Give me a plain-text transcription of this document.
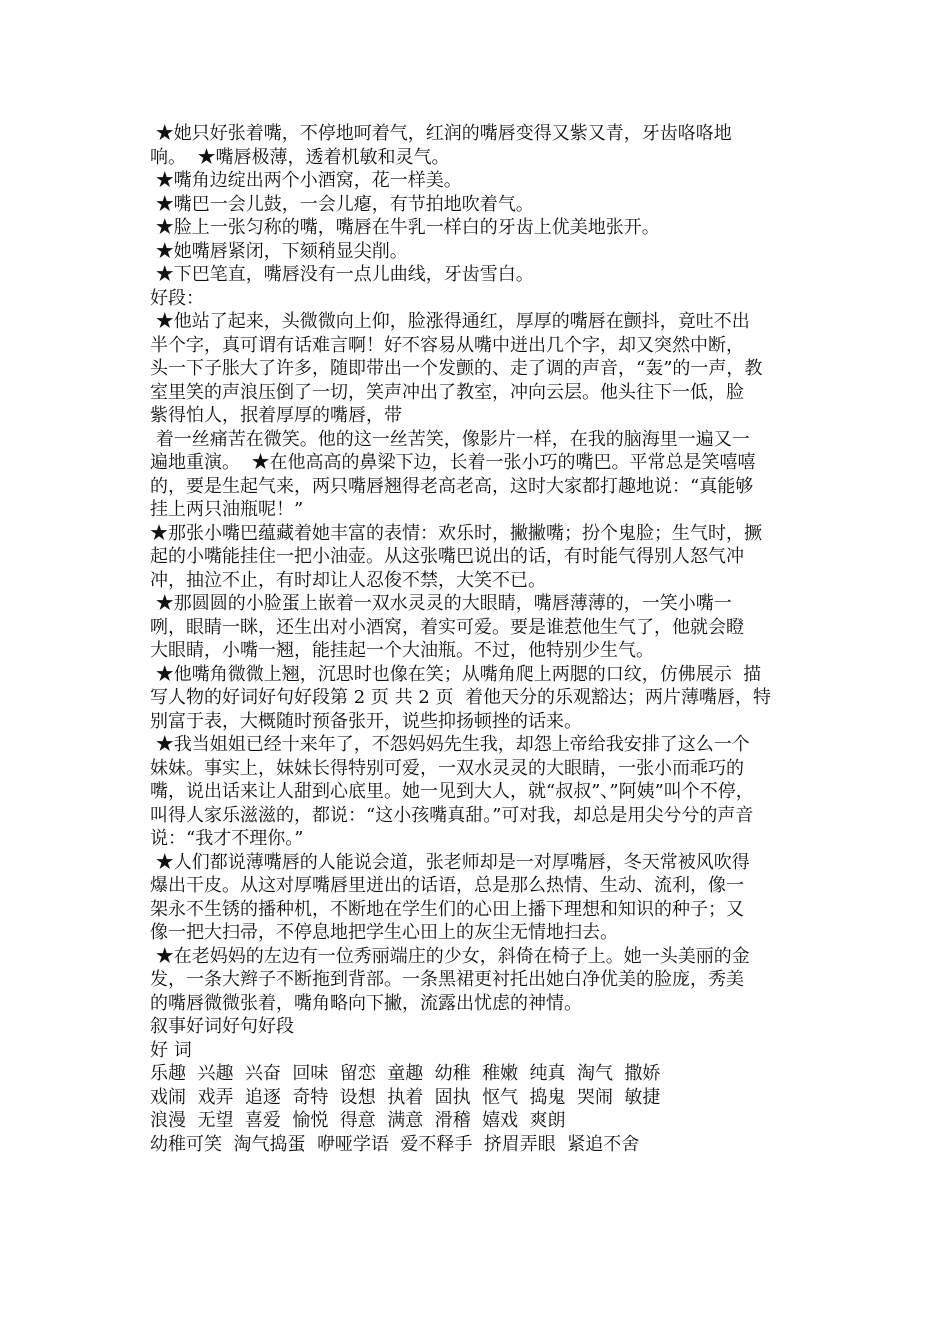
★她只好张着嘴，不停地呵着气，红润的嘴唇变得又紫又青，牙齿咯咯地

响。  ★嘴唇极薄，透着机敏和灵气。

★嘴角边绽出两个小酒窝，花一样美。

★嘴巴一会儿鼓，一会儿瘪，有节拍地吹着气。

★脸上一张匀称的嘴，嘴唇在牛乳一样白的牙齿上优美地张开。

★她嘴唇紧闭，下颏稍显尖削。

★下巴笔直，嘴唇没有一点儿曲线，牙齿雪白。

好段：

★他站了起来，头微微向上仰，脸涨得通红，厚厚的嘴唇在颤抖，竟吐不出

半个字，真可谓有话难言啊！好不容易从嘴中迸出几个字，却又突然中断，

头一下子胀大了许多，随即带出一个发颤的、走了调的声音，“轰”的一声，教

室里笑的声浪压倒了一切，笑声冲出了教室，冲向云层。他头往下一低，脸

紫得怕人，抿着厚厚的嘴唇，带

着一丝痛苦在微笑。他的这一丝苦笑，像影片一样，在我的脑海里一遍又一

遍地重演。  ★在他高高的鼻梁下边，长着一张小巧的嘴巴。平常总是笑嘻嘻

的，要是生起气来，两只嘴唇翘得老高老高，这时大家都打趣地说：“真能够

挂上两只油瓶呢！”

★那张小嘴巴蕴藏着她丰富的表情：欢乐时，撇撇嘴；扮个鬼脸；生气时，撅

起的小嘴能挂住一把小油壶。从这张嘴巴说出的话，有时能气得别人怒气冲

冲，抽泣不止，有时却让人忍俊不禁，大笑不已。

★那圆圆的小脸蛋上嵌着一双水灵灵的大眼睛，嘴唇薄薄的，一笑小嘴一

咧，眼睛一眯，还生出对小酒窝，着实可爱。要是谁惹他生气了，他就会瞪

大眼睛，小嘴一翘，能挂起一个大油瓶。不过，他特别少生气。

★他嘴角微微上翘，沉思时也像在笑；从嘴角爬上两腮的口纹，仿佛展示  描

写人物的好词好句好段第 2 页 共 2 页  着他天分的乐观豁达；两片薄嘴唇，特

别富于表，大概随时预备张开，说些抑扬顿挫的话来。

★我当姐姐已经十来年了，不怨妈妈先生我，却怨上帝给我安排了这么一个

妹妹。事实上，妹妹长得特别可爱，一双水灵灵的大眼睛，一张小而乖巧的

嘴，说出话来让人甜到心底里。她一见到大人，就“叔叔”、”阿姨”叫个不停，

叫得人家乐滋滋的，都说：“这小孩嘴真甜。”可对我，却总是用尖兮兮的声音

说：“我才不理你。”

★人们都说薄嘴唇的人能说会道，张老师却是一对厚嘴唇，冬天常被风吹得

爆出干皮。从这对厚嘴唇里迸出的话语，总是那么热情、生动、流利，像一

架永不生锈的播种机，不断地在学生们的心田上播下理想和知识的种子；又

像一把大扫帚，不停息地把学生心田上的灰尘无情地扫去。

★在老妈妈的左边有一位秀丽端庄的少女，斜倚在椅子上。她一头美丽的金

发，一条大辫子不断拖到背部。一条黑裙更衬托出她白净优美的脸庞，秀美

的嘴唇微微张着，嘴角略向下撇，流露出忧虑的神情。

叙事好词好句好段

好 词

乐趣  兴趣  兴奋  回味  留恋  童趣  幼稚  稚嫩  纯真  淘气  撒娇

戏闹  戏弄  追逐  奇特  设想  执着  固执  怄气  捣鬼  哭闹  敏捷

浪漫  无望  喜爱  愉悦  得意  满意  滑稽  嬉戏  爽朗

幼稚可笑  淘气捣蛋  咿哑学语  爱不释手  挤眉弄眼  紧追不舍
